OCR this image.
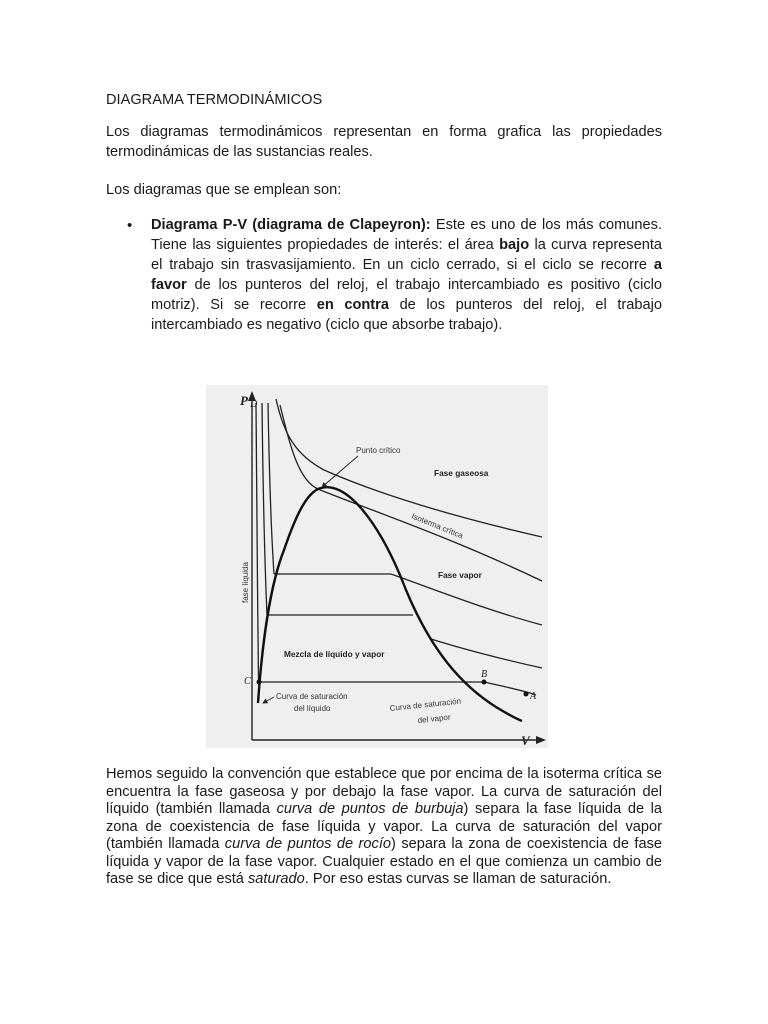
DIAGRAMA TERMODINÁMICOS

Los diagramas termodinámicos representan en forma grafica las propiedades termodinámicas de las sustancias reales.

Los diagramas que se emplean son:

• Diagrama P-V (diagrama de Clapeyron): Este es uno de los más comunes. Tiene las siguientes propiedades de interés: el área bajo la curva representa el trabajo sin trasvasijamiento. En un ciclo cerrado, si el ciclo se recorre a favor de los punteros del reloj, el trabajo intercambiado es positivo (ciclo motriz). Si se recorre en contra de los punteros del reloj, el trabajo intercambiado es negativo (ciclo que absorbe trabajo).

P
V
D
C
B
A
Punto crítico
Fase gaseosa
Isoterma crítica
Fase vapor
fase líquida
Mezcla de líquido y vapor
Curva de saturación
del líquido	Curva de saturación
del vapor

Hemos seguido la convención que establece que por encima de la isoterma crítica se encuentra la fase gaseosa y por debajo la fase vapor. La curva de saturación del líquido (también llamada curva de puntos de burbuja) separa la fase líquida de la zona de coexistencia de fase líquida y vapor. La curva de saturación del vapor (también llamada curva de puntos de rocío) separa la zona de coexistencia de fase líquida y vapor de la fase vapor. Cualquier estado en el que comienza un cambio de fase se dice que está saturado. Por eso estas curvas se llaman de saturación.
